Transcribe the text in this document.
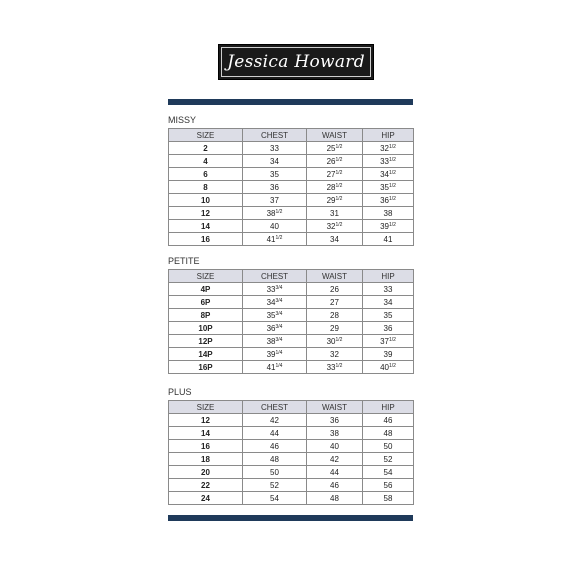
Jessica Howard
MISSY
SIZE	CHEST	WAIST	HIP
2	33	$25^{1/2}$	$32^{1/2}$
4	34	$26^{1/2}$	$33^{1/2}$
6	35	$27^{1/2}$	$34^{1/2}$
8	36	$28^{1/2}$	$35^{1/2}$
10	37	$29^{1/2}$	$36^{1/2}$
12	$38^{1/2}$	31	38
14	40	$32^{1/2}$	$39^{1/2}$
16	$41^{1/2}$	34	41
PETITE
SIZE	CHEST	WAIST	HIP
4P	$33^{3/4}$	26	33
6P	$34^{3/4}$	27	34
8P	$35^{3/4}$	28	35
10P	$36^{3/4}$	29	36
12P	$38^{3/4}$	$30^{1/2}$	$37^{1/2}$
14P	$39^{1/4}$	32	39
16P	$41^{1/4}$	$33^{1/2}$	$40^{1/2}$
PLUS
SIZE	CHEST	WAIST	HIP
12	42	36	46
14	44	38	48
16	46	40	50
18	48	42	52
20	50	44	54
22	52	46	56
24	54	48	58
